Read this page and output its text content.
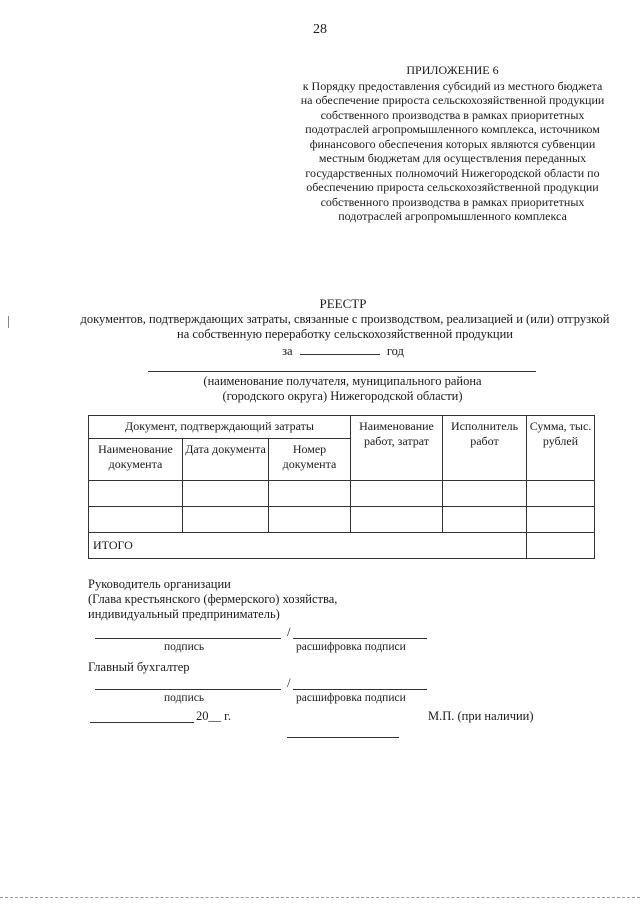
28
ПРИЛОЖЕНИЕ 6
к Порядку предоставления субсидий из местного бюджета на обеспечение прироста сельскохозяйственной продукции собственного производства в рамках приоритетных подотраслей агропромышленного комплекса, источником финансового обеспечения которых являются субвенции местным бюджетам для осуществления переданных государственных полномочий Нижегородской области по обеспечению прироста сельскохозяйственной продукции собственного производства в рамках приоритетных подотраслей агропромышленного комплекса
РЕЕСТР
документов, подтверждающих затраты, связанные с производством, реализацией и (или) отгрузкой на собственную переработку сельскохозяйственной продукции
за	год
(наименование получателя, муниципального района
(городского округа) Нижегородской области)
Документ, подтверждающий затраты			Наименование работ, затрат	Исполнитель работ	Сумма, тыс. рублей
Наименование документа	Дата документа	Номер документа			

ИТОГО					
Руководитель организации
(Глава крестьянского (фермерского) хозяйства,
индивидуальный предприниматель)
/
подпись	расшифровка подписи
Главный бухгалтер
/
подпись	расшифровка подписи
20__ г.	М.П. (при наличии)
